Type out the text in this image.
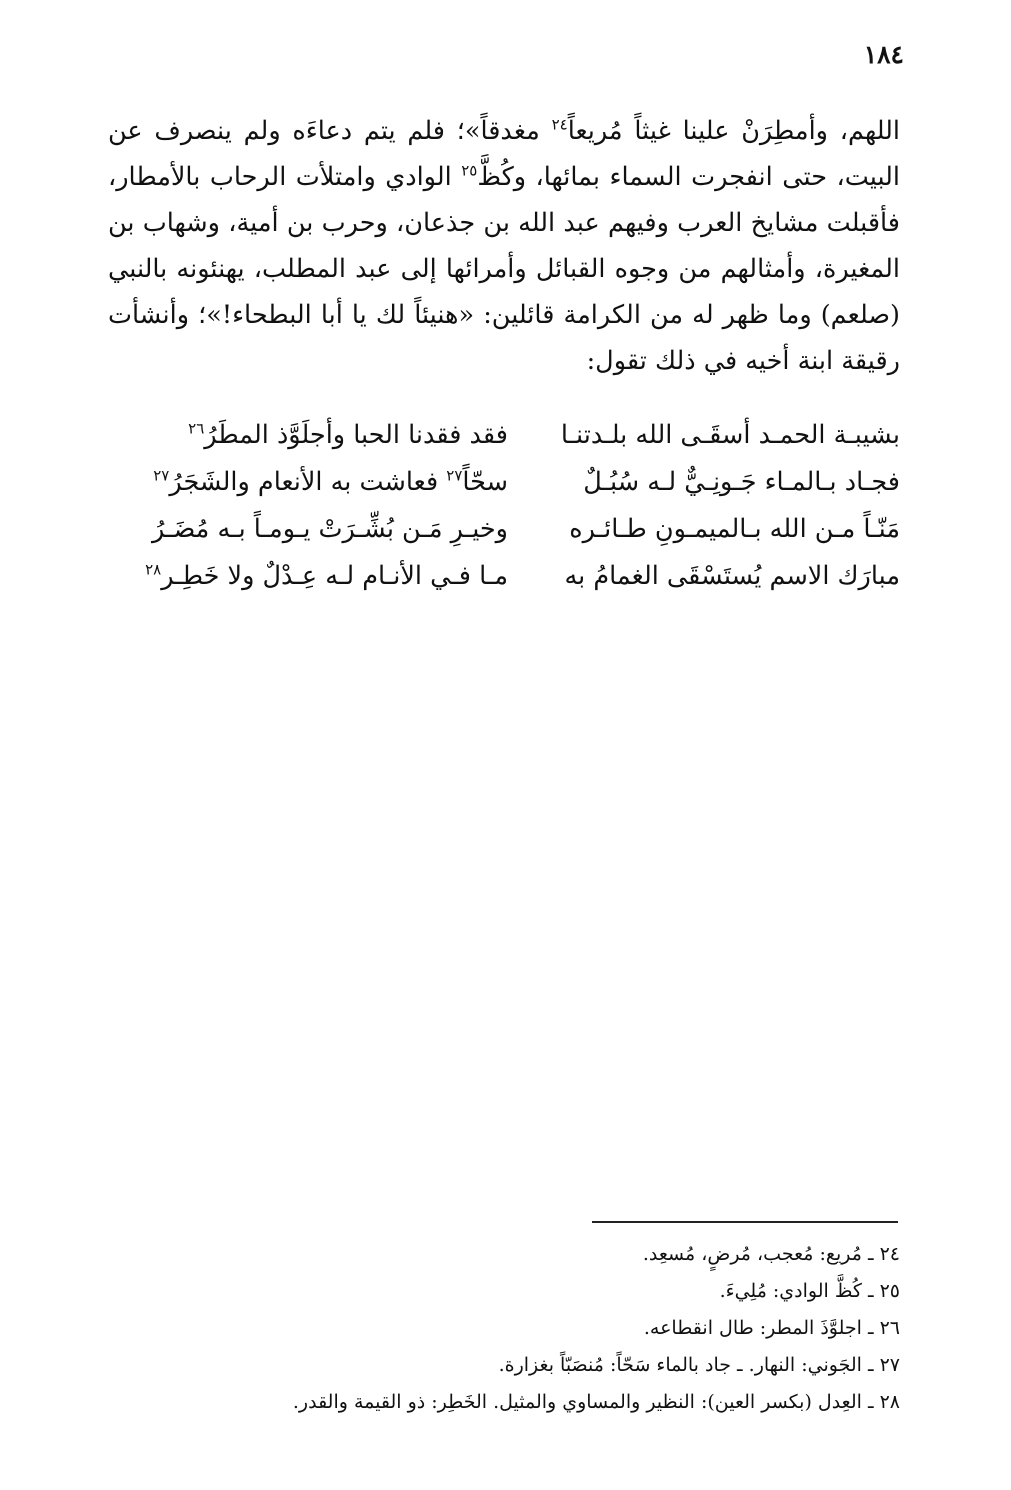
١٨٤

اللهم، وأمطِرَنْ علينا غيثاً مُريعاً$^{٢٤}$ مغدقاً»؛ فلم يتم دعاءَه ولم ينصرف عن البيت، حتى انفجرت السماء بمائها، وكُظَّ$^{٢٥}$ الوادي وامتلأت الرحاب بالأمطار، فأقبلت مشايخ العرب وفيهم عبد الله بن جذعان، وحرب بن أمية، وشهاب بن المغيرة، وأمثالهم من وجوه القبائل وأمرائها إلى عبد المطلب، يهنئونه بالنبي (صلعم) وما ظهر له من الكرامة قائلين: «هنيئاً لك يا أبا البطحاء!»؛ وأنشأت رقيقة ابنة أخيه في ذلك تقول:

بشيبـة الحمـد أسقَـى الله بلـدتنـا
فقد فقدنا الحبا وأجلَوَّذ المطَرُ$^{٢٦}$
فجـاد بـالمـاء جَـونِـيٌّ لـه سُبُـلٌ
سحّاً$^{٢٧}$ فعاشت به الأنعام والشَجَرُ$^{٢٧}$
مَنّـاً مـن الله بـالميمـونِ طـائـره
وخيـرِ مَـن بُشِّـرَتْ يـومـاً بـه مُضَـرُ
مبارَك الاسم يُستَسْقَى الغمامُ به
مـا فـي الأنـام لـه عِـدْلٌ ولا خَطِـر$^{٢٨}$
٢٤ ـ مُريع: مُعجب، مُرضٍ، مُسعِد.
٢٥ ـ كُظَّ الوادي: مُلِيءَ.
٢٦ ـ اجلوَّذَ المطر: طال انقطاعه.
٢٧ ـ الجَوني: النهار. ـ جاد بالماء سَحّاً: مُنصَبّاً بغزارة.
٢٨ ـ العِدل (بكسر العين): النظير والمساوي والمثيل. الخَطِر: ذو القيمة والقدر.
